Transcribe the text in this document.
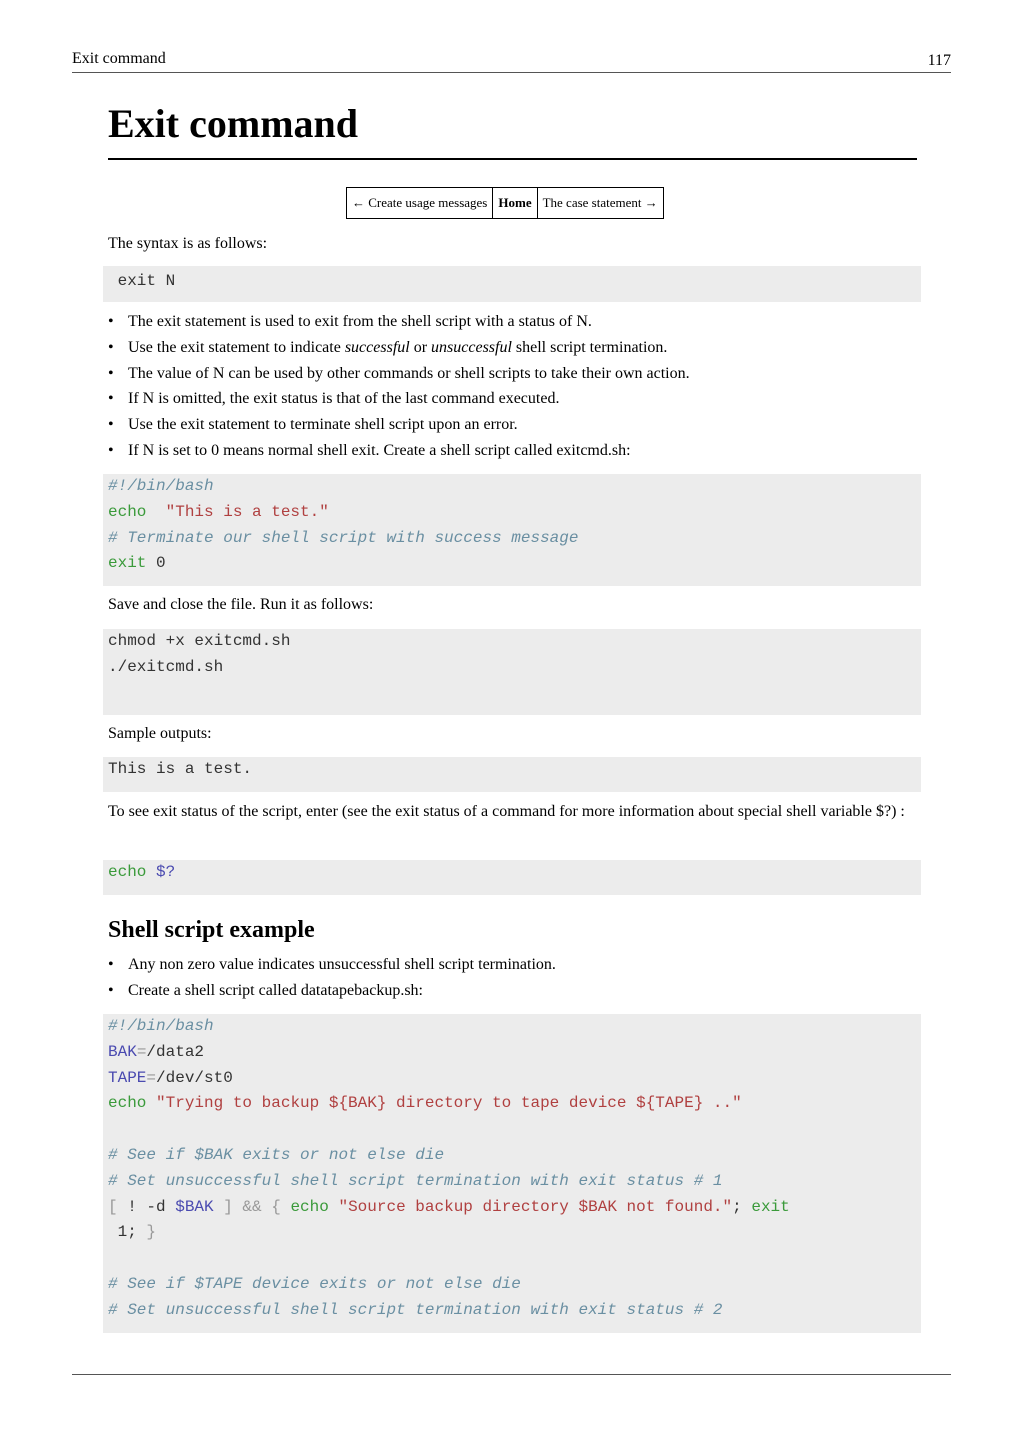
Exit command	117
Exit command
← Create usage messages Home The case statement →

The syntax is as follows:

exit N
• The exit statement is used to exit from the shell script with a status of N.
• Use the exit statement to indicate successful or unsuccessful shell script termination.
• The value of N can be used by other commands or shell scripts to take their own action.
• If N is omitted, the exit status is that of the last command executed.
• Use the exit statement to terminate shell script upon an error.
• If N is set to 0 means normal shell exit. Create a shell script called exitcmd.sh:
#!/bin/bash
echo "This is a test."
# Terminate our shell script with success message
exit 0

Save and close the file. Run it as follows:

chmod +x exitcmd.sh
./exitcmd.sh

Sample outputs:

This is a test.

To see exit status of the script, enter (see the exit status of a command for more information about special shell variable $?) :

echo $?
Shell script example
• Any non zero value indicates unsuccessful shell script termination.
• Create a shell script called datatapebackup.sh:
#!/bin/bash
BAK=/data2
TAPE=/dev/st0
echo "Trying to backup ${BAK} directory to tape device ${TAPE} .."
# See if $BAK exits or not else die
# Set unsuccessful shell script termination with exit status # 1
[ ! -d $BAK ] && { echo "Source backup directory $BAK not found."; exit
1; }
# See if $TAPE device exits or not else die
# Set unsuccessful shell script termination with exit status # 2
